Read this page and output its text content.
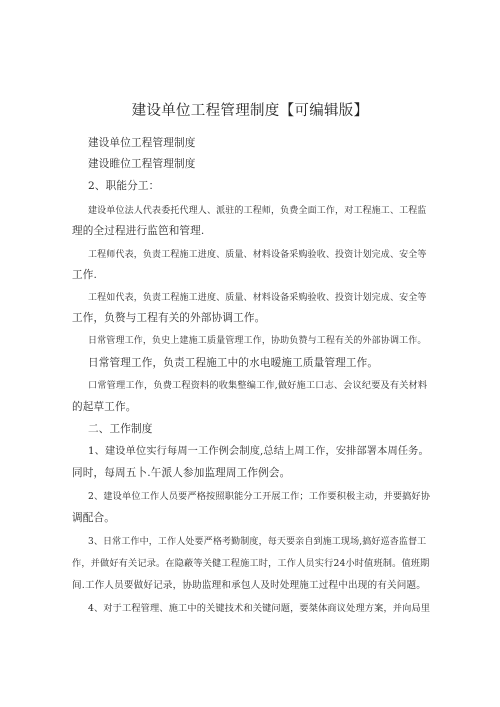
建设单位工程管理制度【可编辑版】
建设单位工程管理制度
建设睢位工程管理制度
2、职能分工：
建设单位法人代表委托代理人、派驻的工程师，负费全面工作，对工程施工、工程监
理的全过程进行监笆和管理.
工程师代表，负责工程施工进度、质量、材料设备采购验收、投资计划完成、安全等
工作.
工程如代表，负责工程施工进度、质量、材料设备采购验收、投资计划完成、安全等
工作，负赘与工程有关的外部协调工作。
日常管理工作，负史上建施工质量管理工作，协助负赞与工程有关的外部协调工作。
日常管理工作，负责工程施工中的水电暧施工质量管理工作。
口常管理工作，负费工程资料的收集整编工作,做好施工口志、会议纪要及有关材料
的起草工作。
二、工作制度
1、建设单位实行每周一工作例会制度,总结上周工作，安排部署本周任务。
同时，每周五卜.午派人参加监理周工作例会。
2、建设单位工作人员要严格按照职能分工开展工作；工作要积极主动，并要搞好协
调配合。
3、日常工作中，工作人处要严格考勤制度，每天要亲自到施工现场,搞好巡杳监督工
作，并做好有关记录。在隐蔽等关健工程施工时，工作人员实行24小时值班制。值班期
间.工作人员要做好记录，协助监理和承包人及时处理施工过程中出现的有关问题。
4、对于工程管理、施工中的关键技术和关键问题，要桀体商议处理方案，并向局里
